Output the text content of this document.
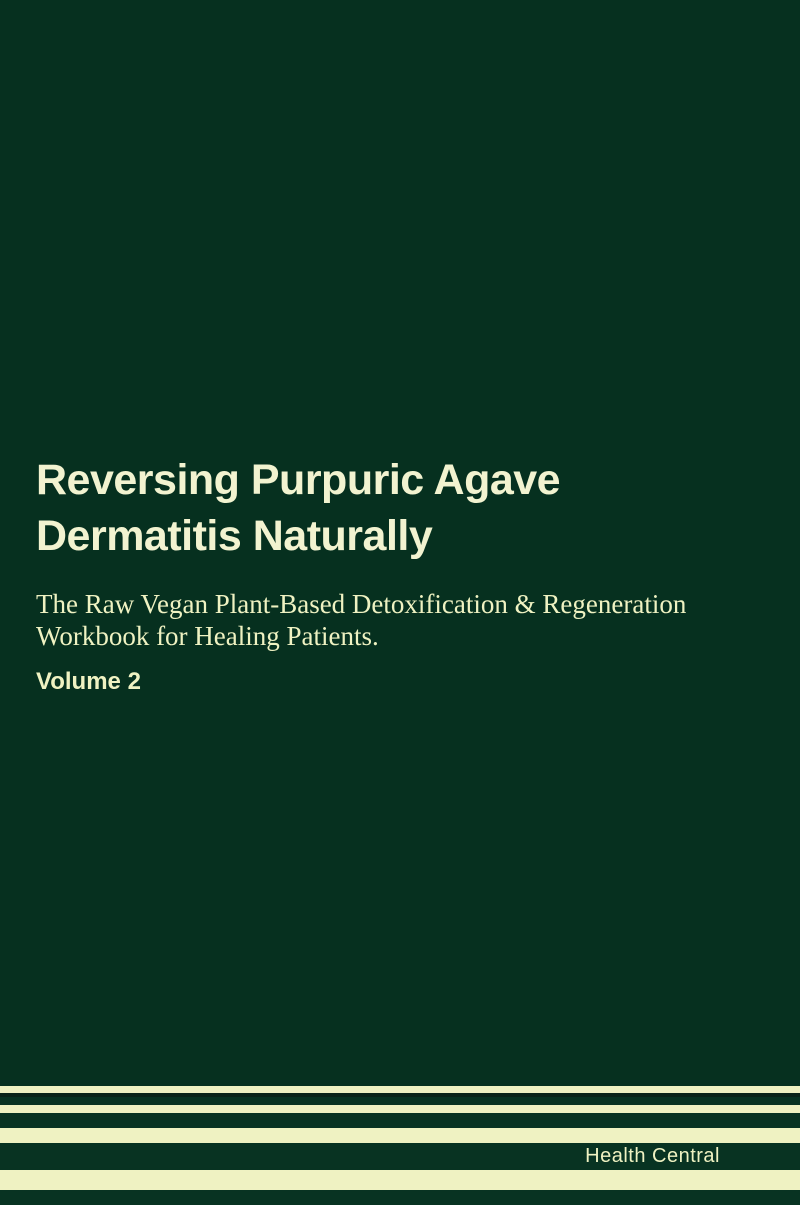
Reversing Purpuric Agave
Dermatitis Naturally

The Raw Vegan Plant-Based Detoxification & Regeneration
Workbook for Healing Patients.

Volume 2

Health Central
